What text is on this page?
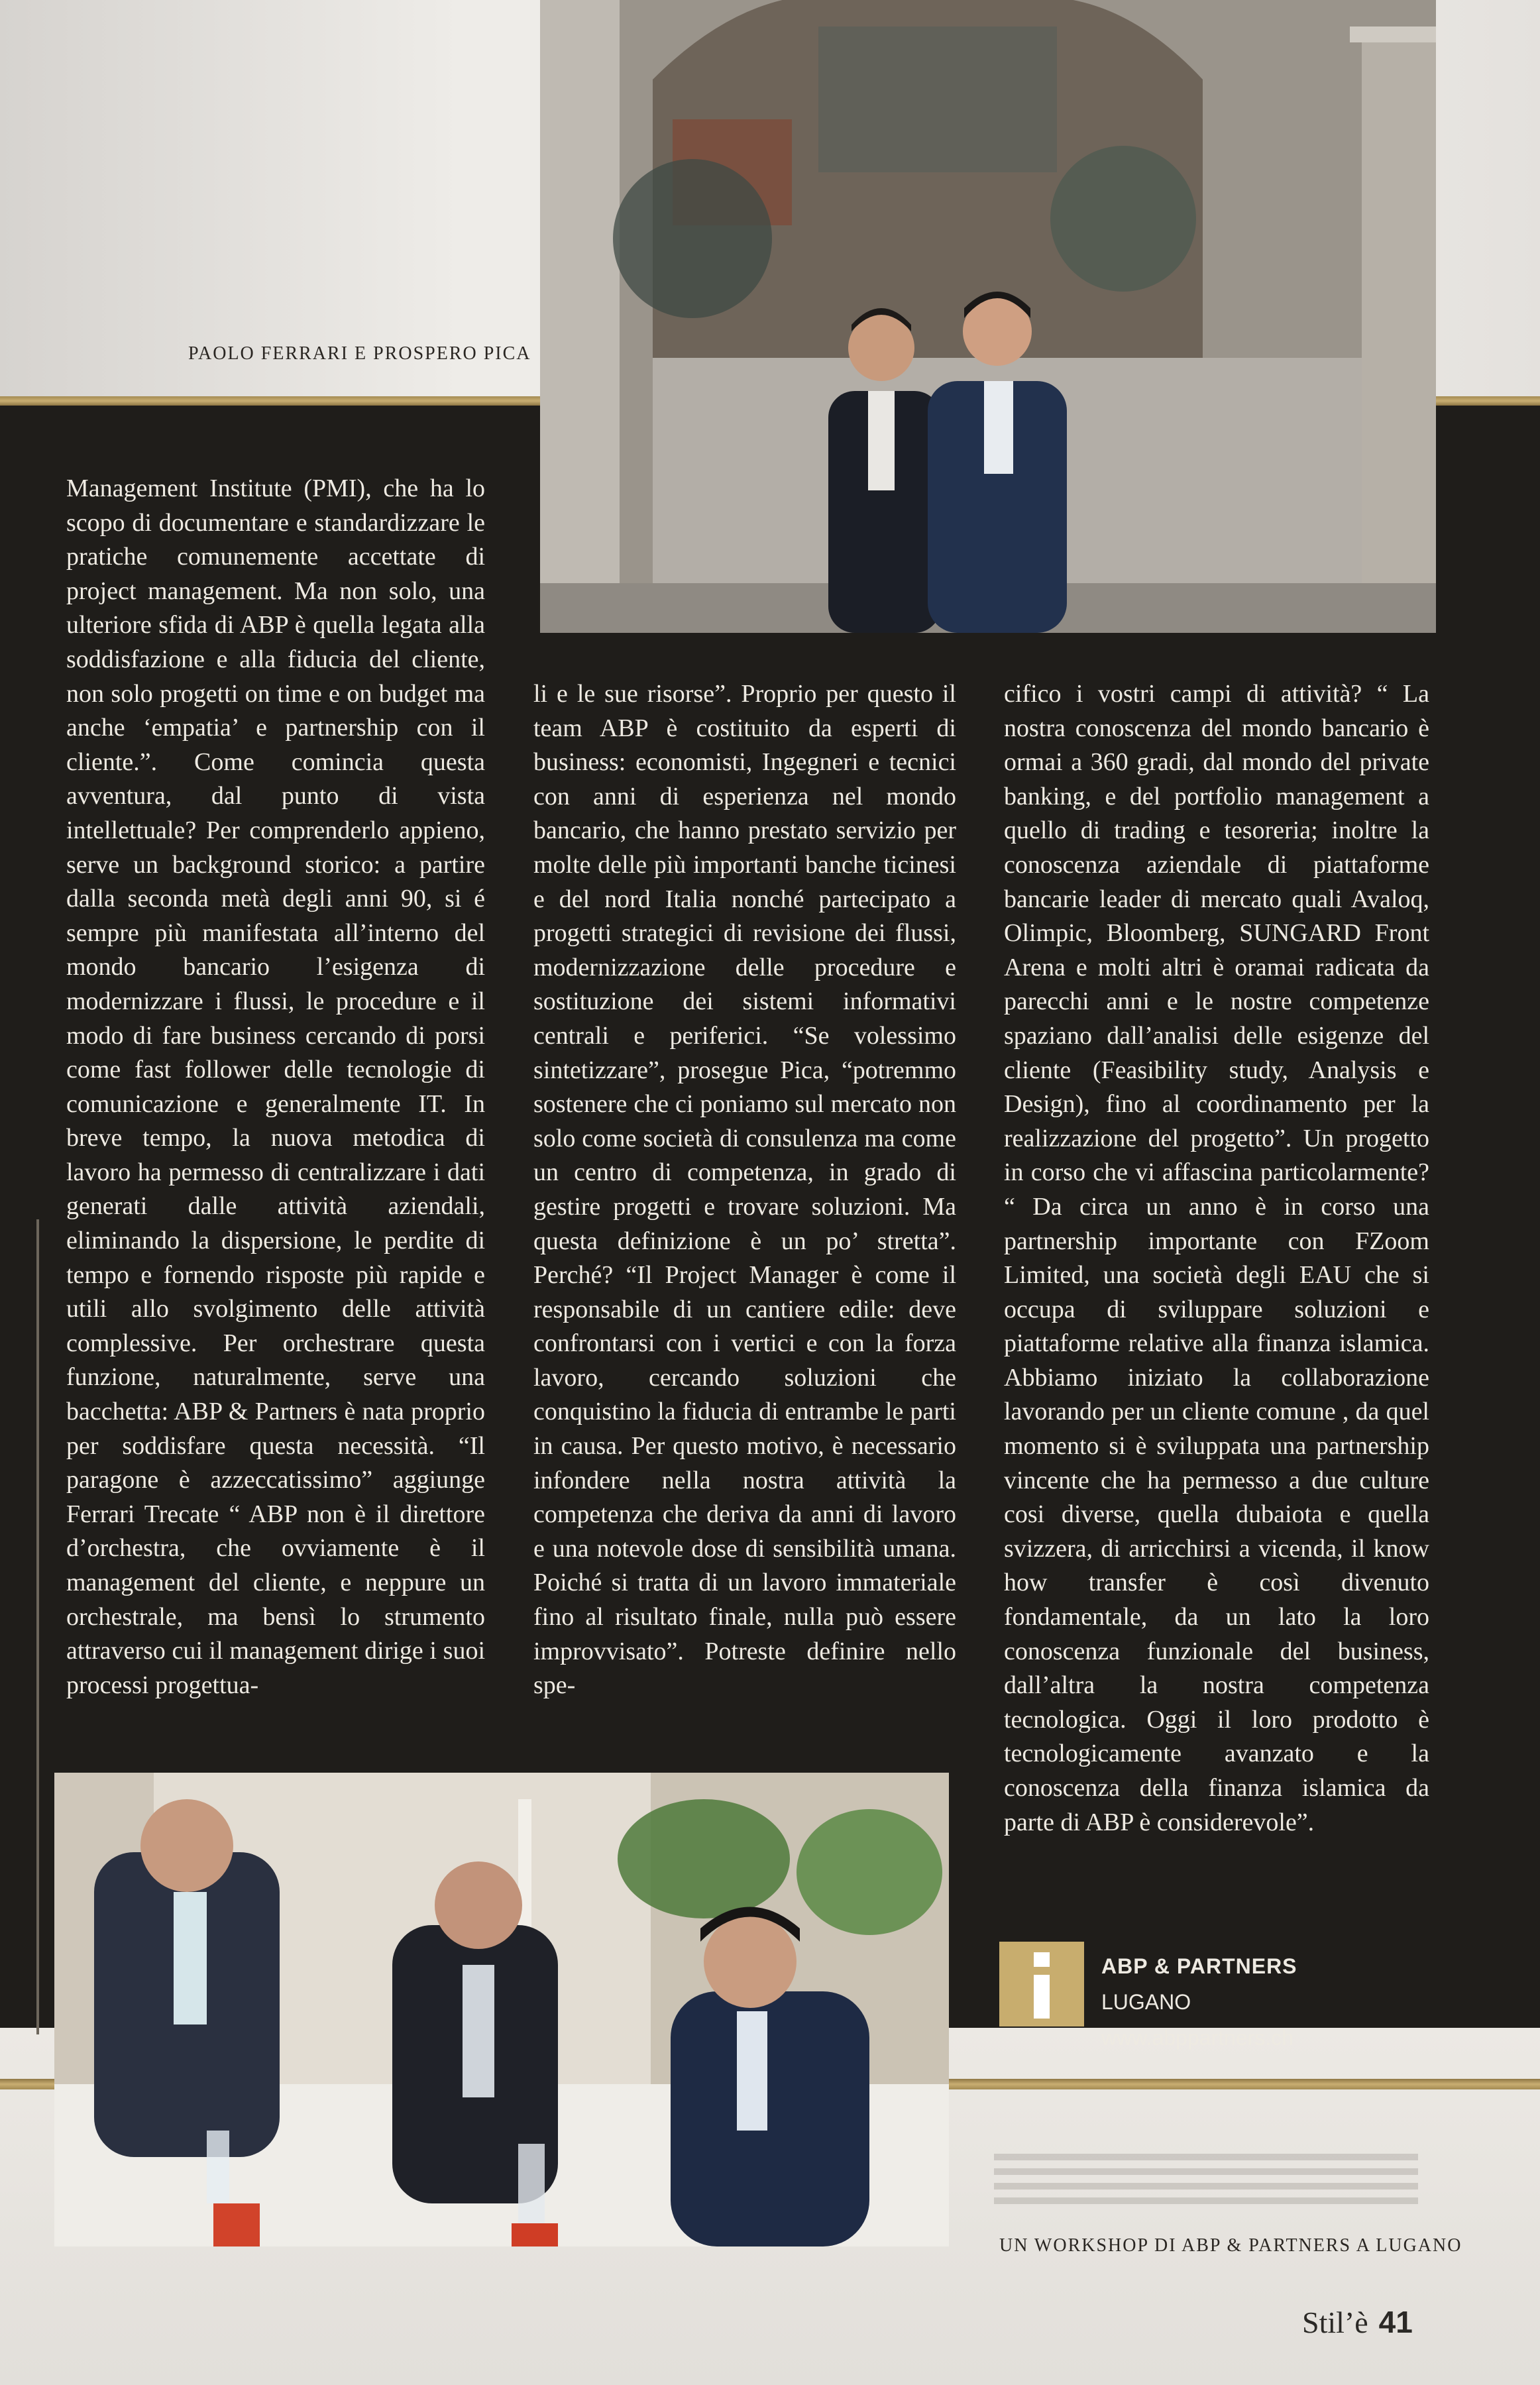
PAOLO FERRARI E PROSPERO PICA

Management Institute (PMI), che ha lo scopo di documentare e standardizzare le pratiche comunemente accettate di project management. Ma non solo, una ulteriore sfida di ABP è quella legata alla soddisfazione e alla fiducia del cliente, non solo progetti on time e on budget ma anche ‘empatia’ e partnership con il cliente.”. Come comincia questa avventura, dal punto di vista intellettuale? Per comprenderlo appieno, serve un background storico: a partire dalla seconda metà degli anni 90, si é sempre più manifestata all’interno del mondo bancario l’esigenza di modernizzare i flussi, le procedure e il modo di fare business cercando di porsi come fast follower delle tecnologie di comunicazione e generalmente IT. In breve tempo, la nuova metodica di lavoro ha permesso di centralizzare i dati generati dalle attività aziendali, eliminando la dispersione, le perdite di tempo e fornendo risposte più rapide e utili allo svolgimento delle attività complessive. Per orchestrare questa funzione, naturalmente, serve una bacchetta: ABP & Partners è nata proprio per soddisfare questa necessità. “Il paragone è azzeccatissimo” aggiunge Ferrari Trecate “ ABP non è il direttore d’orchestra, che ovviamente è il management del cliente, e neppure un orchestrale, ma bensì lo strumento attraverso cui il management dirige i suoi processi progettua-

li e le sue risorse”. Proprio per questo il team ABP è costituito da esperti di business: economisti, Ingegneri e tecnici con anni di esperienza nel mondo bancario, che hanno prestato servizio per molte delle più importanti banche ticinesi e del nord Italia nonché partecipato a progetti strategici di revisione dei flussi, modernizzazione delle procedure e sostituzione dei sistemi informativi centrali e periferici. “Se volessimo sintetizzare”, prosegue Pica, “potremmo sostenere che ci poniamo sul mercato non solo come società di consulenza ma come un centro di competenza, in grado di gestire progetti e trovare soluzioni. Ma questa definizione è un po’ stretta”. Perché? “Il Project Manager è come il responsabile di un cantiere edile: deve confrontarsi con i vertici e con la forza lavoro, cercando soluzioni che conquistino la fiducia di entrambe le parti in causa. Per questo motivo, è necessario infondere nella nostra attività la competenza che deriva da anni di lavoro e una notevole dose di sensibilità umana. Poiché si tratta di un lavoro immateriale fino al risultato finale, nulla può essere improvvisato”. Potreste definire nello spe-

cifico i vostri campi di attività? “ La nostra conoscenza del mondo bancario è ormai a 360 gradi, dal mondo del private banking, e del portfolio management a quello di trading e tesoreria; inoltre la conoscenza aziendale di piattaforme bancarie leader di mercato quali Avaloq, Olimpic, Bloomberg, SUNGARD Front Arena e molti altri è oramai radicata da parecchi anni e le nostre competenze spaziano dall’analisi delle esigenze del cliente (Feasibility study, Analysis e Design), fino al coordinamento per la realizzazione del progetto”. Un progetto in corso che vi affascina particolarmente? “ Da circa un anno è in corso una partnership importante con FZoom Limited, una società degli EAU che si occupa di sviluppare soluzioni e piattaforme relative alla finanza islamica. Abbiamo iniziato la collaborazione lavorando per un cliente comune , da quel momento si è sviluppata una partnership vincente che ha permesso a due culture cosi diverse, quella dubaiota e quella svizzera, di arricchirsi a vicenda, il know how transfer è così divenuto fondamentale, da un lato la loro conoscenza funzionale del business, dall’altra la nostra competenza tecnologica. Oggi il loro prodotto è tecnologicamente avanzato e la conoscenza della finanza islamica da parte di ABP è considerevole”.

ABP & PARTNERS
LUGANO
www.abppartners.ch
UN WORKSHOP DI ABP & PARTNERS A LUGANO
Stil’è 41
